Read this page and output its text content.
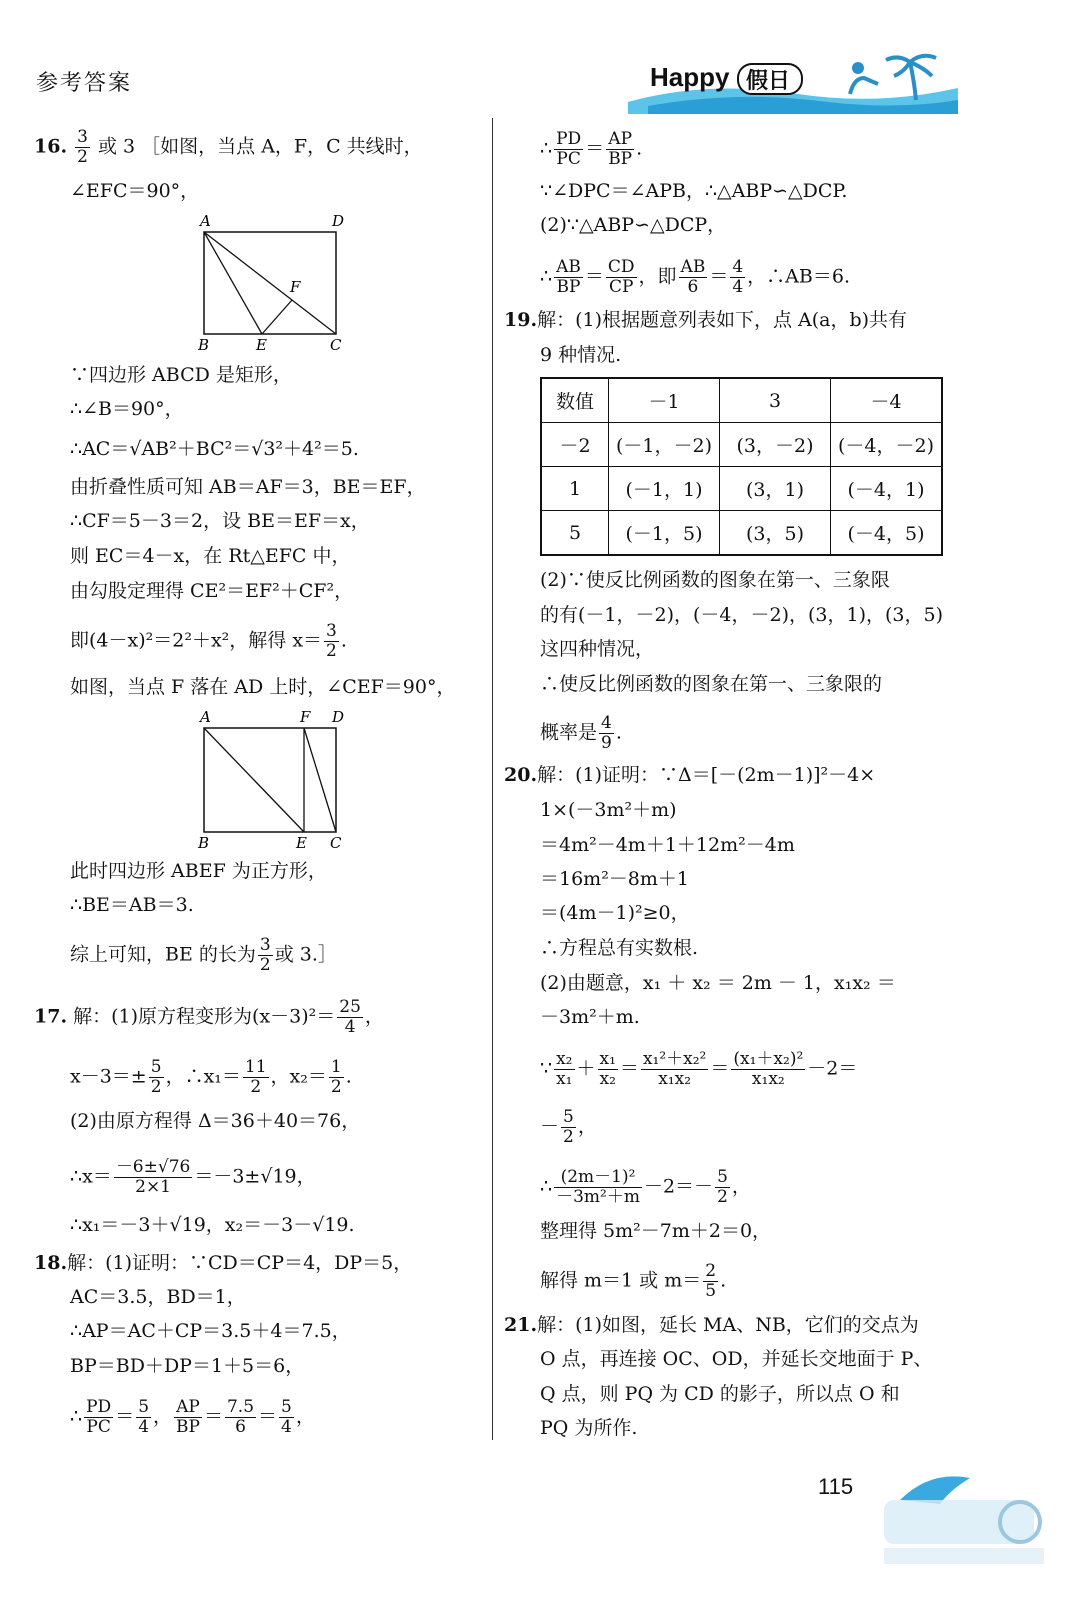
参考答案	Happy 假日
16. $\frac{3}{2}$ 或 3 ［如图，当点 A，F，C 共线时，
∠EFC＝90°，
A	D
B	E	C
F
∵四边形 ABCD 是矩形，
∴∠B＝90°，
∴AC＝√AB²＋BC²＝√3²＋4²＝5.
由折叠性质可知 AB＝AF＝3，BE＝EF，
∴CF＝5－3＝2，设 BE＝EF＝x，
则 EC＝4－x，在 Rt△EFC 中，
由勾股定理得 CE²＝EF²＋CF²，
即(4－x)²＝2²＋x²，解得 $x= \frac{3}{2}$ .
如图，当点 F 落在 AD 上时，∠CEF＝90°，
A	F D
B	E C
此时四边形 ABEF 为正方形，
∴BE＝AB＝3.
综上可知，BE 的长为 $\frac{3}{2}$ 或 3.］
17. 解：(1)原方程变形为$(x-3)^2= \frac{25}{4}$ ，
$x-3=\pm \frac{5}{2}$ ，∴x₁＝ $\frac{11}{2}$ ，$x_2= \frac{1}{2}$ .
(2)由原方程得 Δ＝36＋40＝76，
∴x＝ $\frac{-6\pm√76}{2\times 1} =-3\pm√19$，
∴x₁＝－3＋√19，x₂＝－3－√19.
18.解：(1)证明：∵CD＝CP＝4，DP＝5，
AC＝3.5，BD＝1，
∴AP＝AC＋CP＝3.5＋4＝7.5，
BP＝BD＋DP＝1＋5＝6，
∴ $\frac{PD}{PC} = \frac{5}{4}$ ， $\frac{AP}{BP} = \frac{7.5}{6} = \frac{5}{4}$ ，
∴ $\frac{PD}{PC} = \frac{AP}{BP}$ .
∵∠DPC＝∠APB，∴△ABP∽△DCP.
(2)∵△ABP∽△DCP，
∴ $\frac{AB}{BP} = \frac{CD}{CP}$ ，即 $\frac{AB}{6} = \frac{4}{4}$ ，∴AB＝6.
19.解：(1)根据题意列表如下，点 A(a，b)共有
9 种情况.
数值	－1	3	－4
－2	(－1，－2)	(3，－2)	(－4，－2)
1	(－1，1)	(3，1)	(－4，1)
5	(－1，5)	(3，5)	(－4，5)
(2)∵使反比例函数的图象在第一、三象限
的有(－1，－2)，(－4，－2)，(3，1)，(3，5)
这四种情况，
∴使反比例函数的图象在第一、三象限的
概率是 $\frac{4}{9}$ .
20.解：(1)证明：∵Δ＝[－(2m－1)]²－4×
1×(－3m²＋m)
＝4m²－4m＋1＋12m²－4m
＝16m²－8m＋1
＝(4m－1)²≥0，
∴方程总有实数根.
(2)由题意，x₁ ＋ x₂ ＝ 2m － 1，x₁x₂ ＝
－3m²＋m.
∵ $\frac{\text{x₂}}{\text{x₁}} + \frac{\text{x₁}}{\text{x₂}} = \frac{\text{x₁²＋x₂²}}{\text{x₁x₂}} = \frac{\text{(x₁＋x₂)²}}{\text{x₁x₂}} -2=$
－ $\frac{5}{2}$ ，
∴ $\frac{\text{(2m－1)²}}{\text{－3m²＋m}} -2=- \frac{5}{2}$ ，
整理得 5m²－7m＋2＝0，
解得 m＝1 或 $m= \frac{2}{5}$ .
21.解：(1)如图，延长 MA、NB，它们的交点为
O 点，再连接 OC、OD，并延长交地面于 P、
Q 点，则 PQ 为 CD 的影子，所以点 O 和
PQ 为所作.
115
